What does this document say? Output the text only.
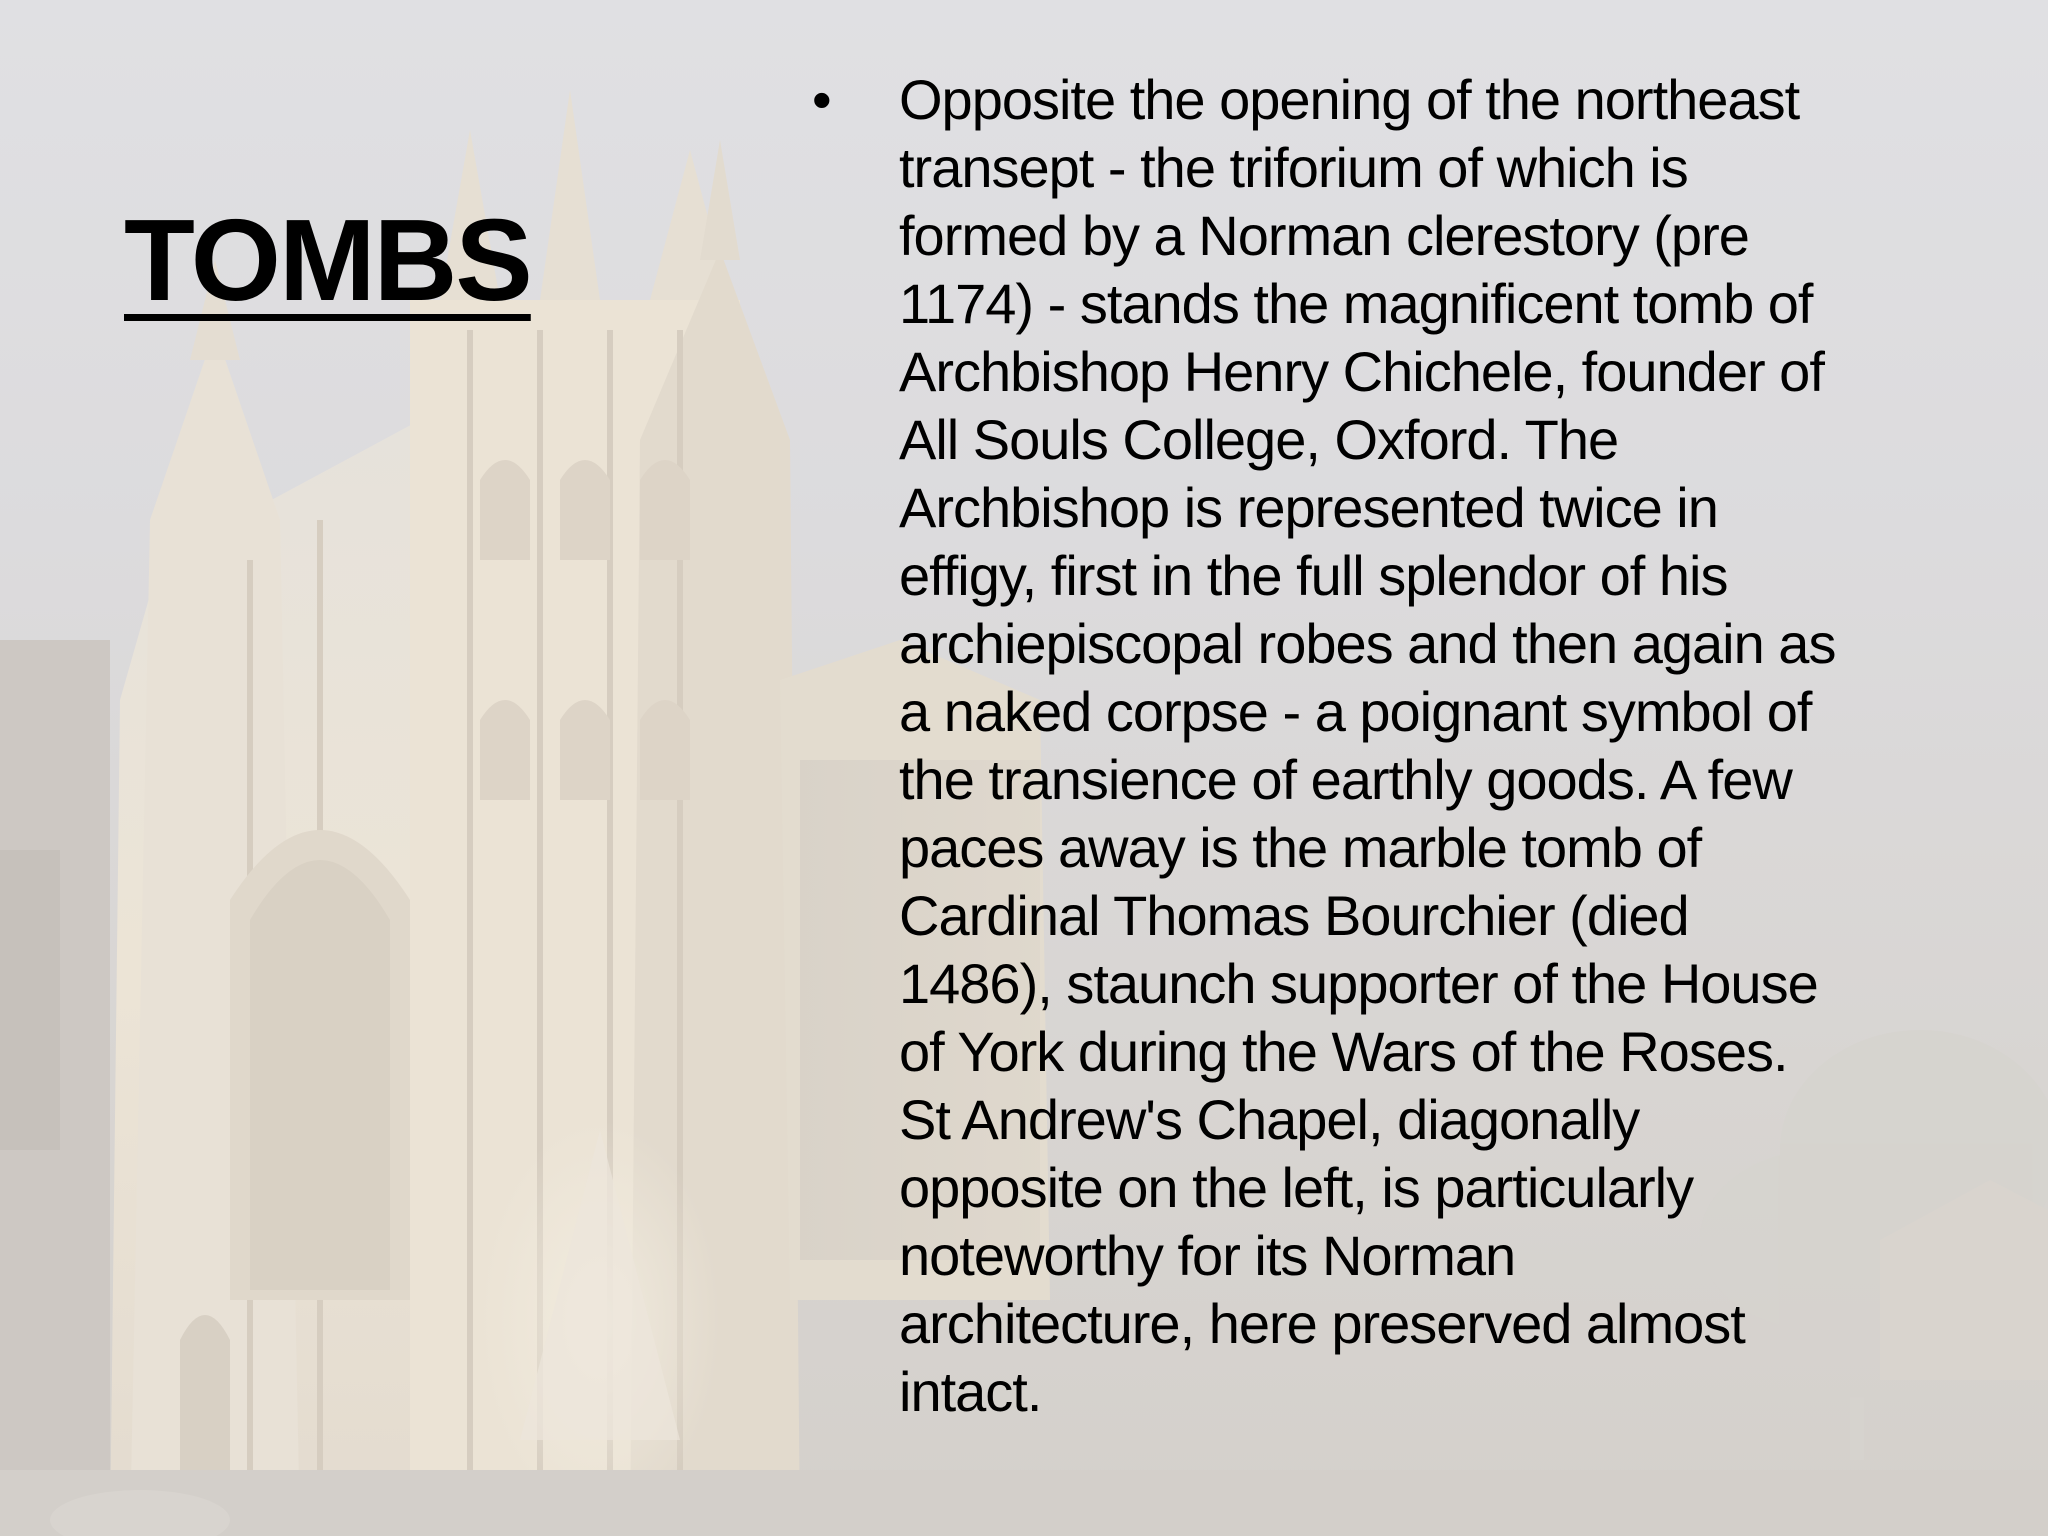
TOMBS
• Opposite the opening of the northeast
transept - the triforium of which is
formed by a Norman clerestory (pre
1174) - stands the magnificent tomb of
Archbishop Henry Chichele, founder of
All Souls College, Oxford. The
Archbishop is represented twice in
effigy, first in the full splendor of his
archiepiscopal robes and then again as
a naked corpse - a poignant symbol of
the transience of earthly goods. A few
paces away is the marble tomb of
Cardinal Thomas Bourchier (died
1486), staunch supporter of the House
of York during the Wars of the Roses.
St Andrew's Chapel, diagonally
opposite on the left, is particularly
noteworthy for its Norman
architecture, here preserved almost
intact.
